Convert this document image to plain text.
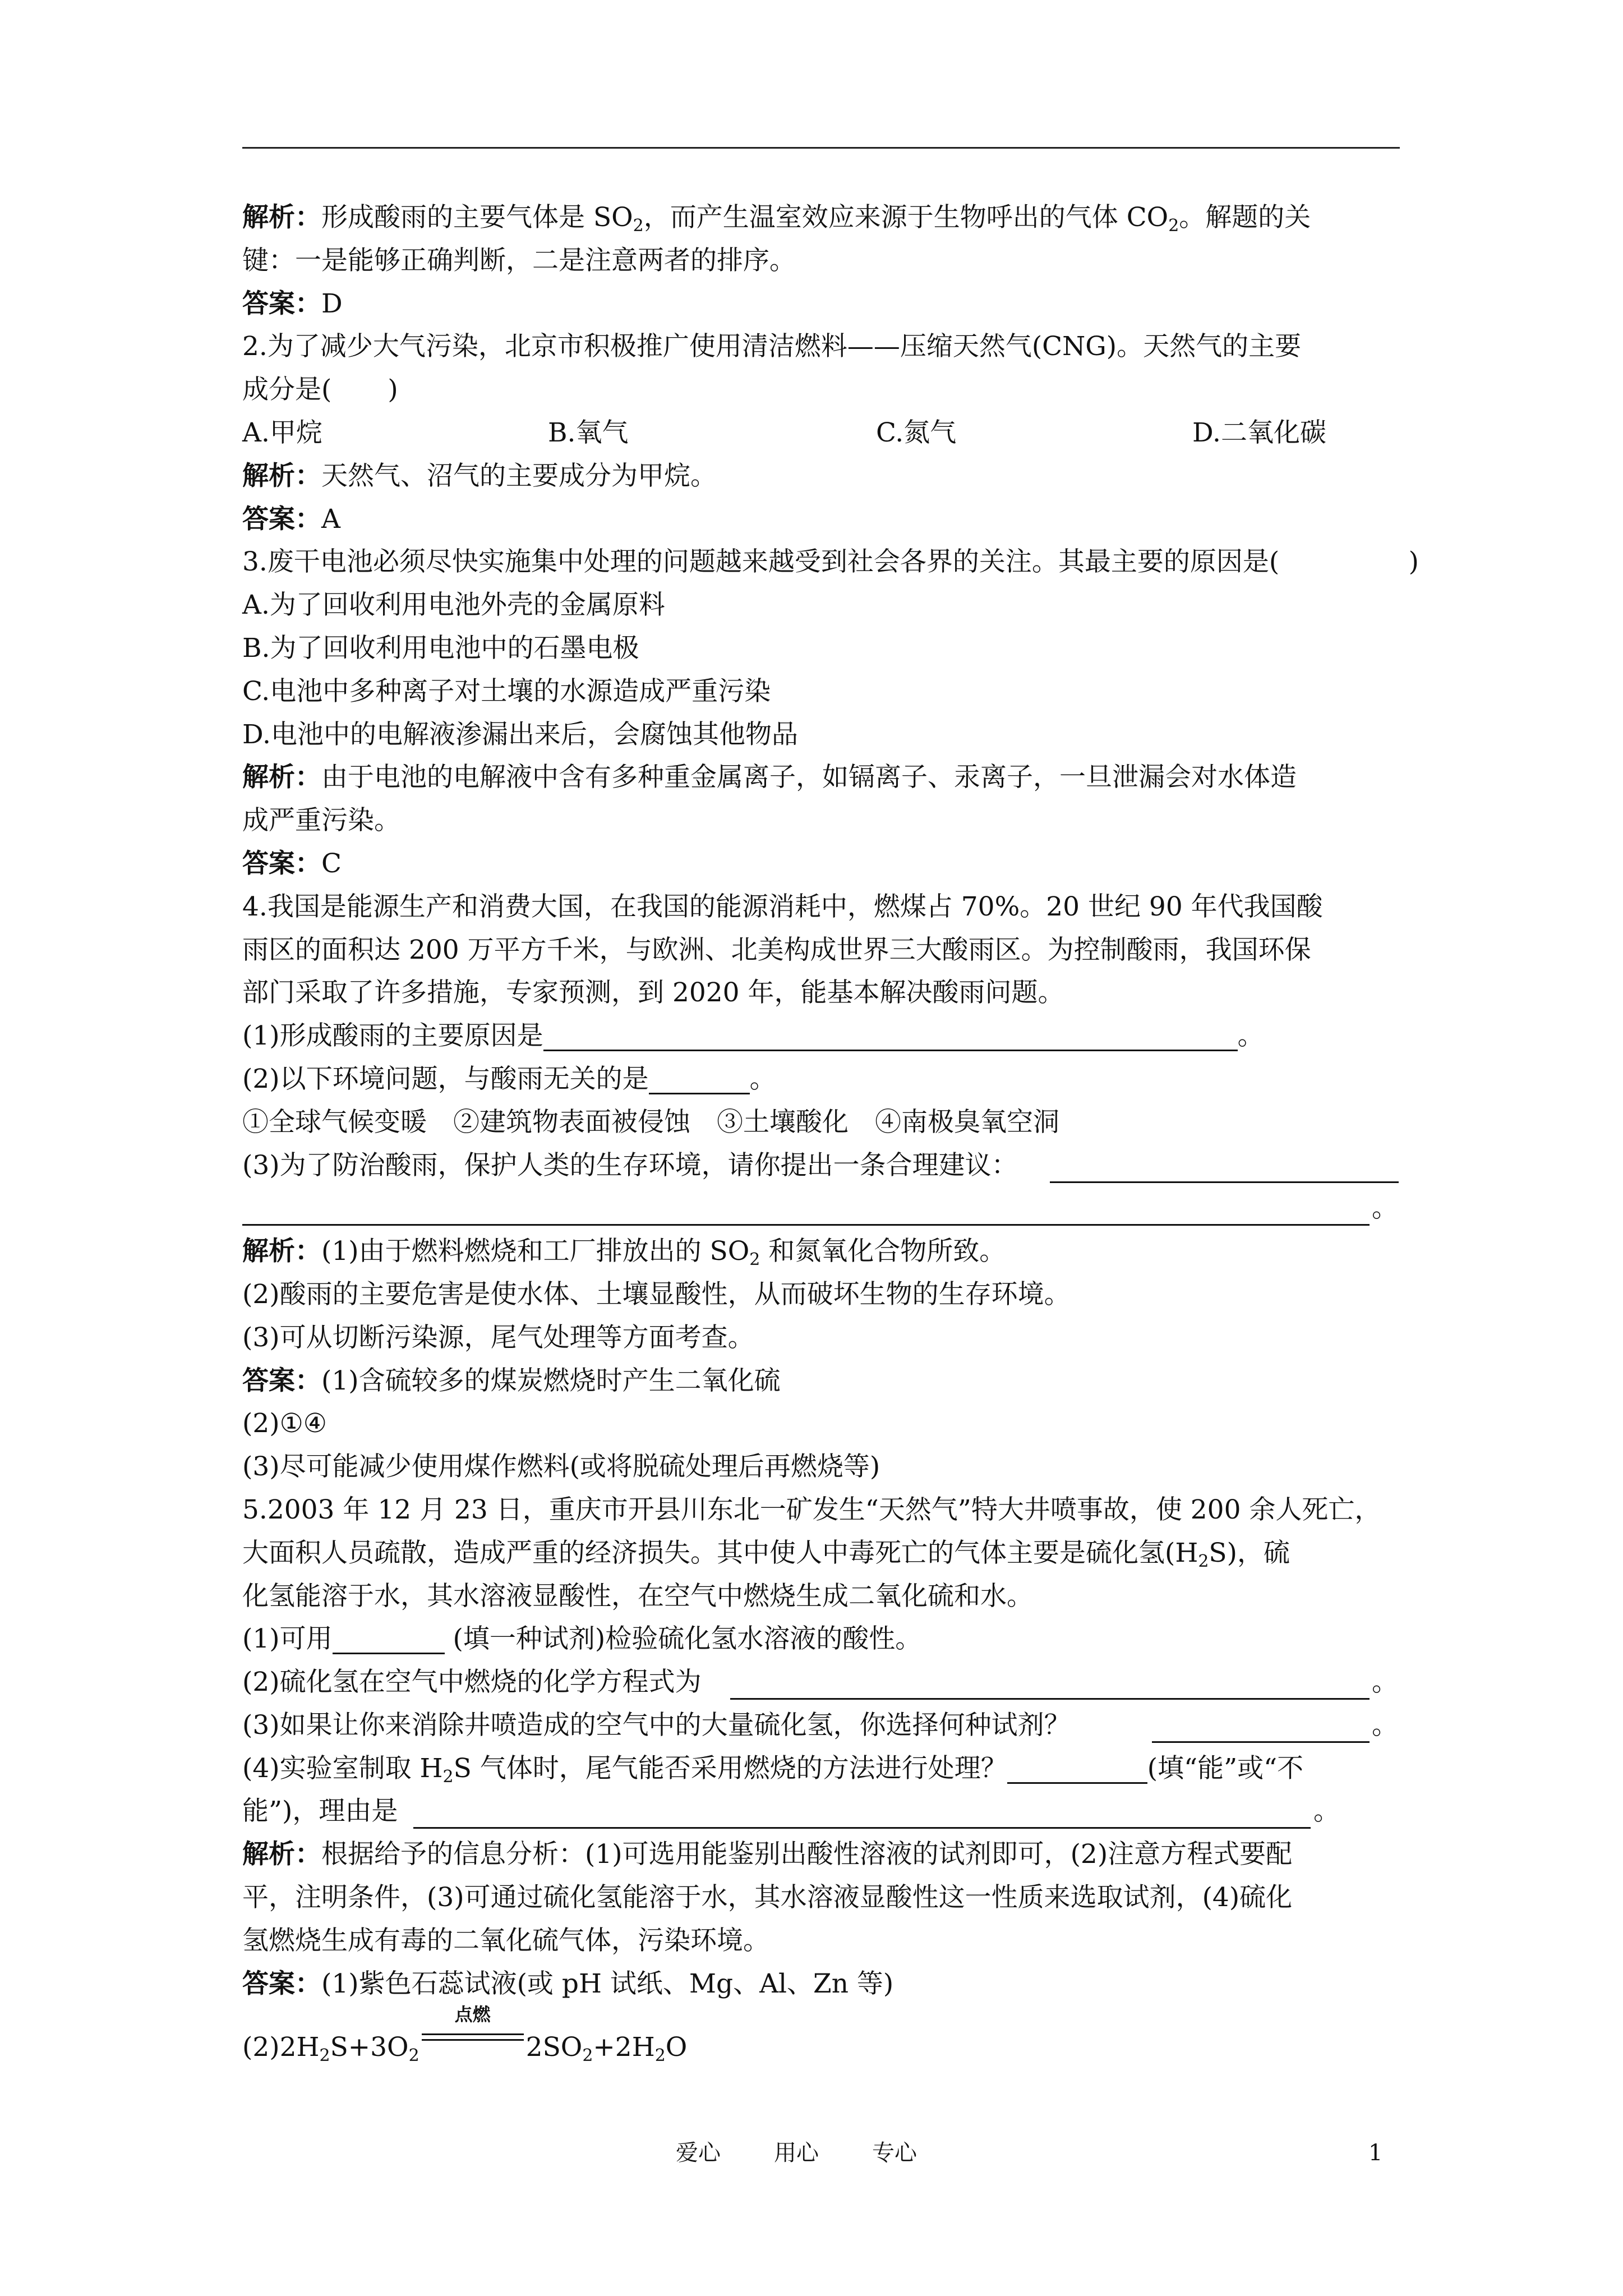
解析：形成酸雨的主要气体是 $SO_2$，而产生温室效应来源于生物呼出的气体 $CO_2$。解题的关
键：一是能够正确判断，二是注意两者的排序。
答案：D
2.为了减少大气污染，北京市积极推广使用清洁燃料——压缩天然气(CNG)。天然气的主要
成分是( )
A.甲烷	B.氧气	C.氮气	D.二氧化碳
解析：天然气、沼气的主要成分为甲烷。
答案：A
3.废干电池必须尽快实施集中处理的问题越来越受到社会各界的关注。其最主要的原因是(	)
A.为了回收利用电池外壳的金属原料
B.为了回收利用电池中的石墨电极
C.电池中多种离子对土壤的水源造成严重污染
D.电池中的电解液渗漏出来后，会腐蚀其他物品
解析：由于电池的电解液中含有多种重金属离子，如镉离子、汞离子，一旦泄漏会对水体造
成严重污染。
答案：C
4.我国是能源生产和消费大国，在我国的能源消耗中，燃煤占 70%。20 世纪 90 年代我国酸
雨区的面积达 200 万平方千米，与欧洲、北美构成世界三大酸雨区。为控制酸雨，我国环保
部门采取了许多措施，专家预测，到 2020 年，能基本解决酸雨问题。
(1)形成酸雨的主要原因是	。
(2)以下环境问题，与酸雨无关的是	。
①全球气候变暖　②建筑物表面被侵蚀　③土壤酸化　④南极臭氧空洞
(3)为了防治酸雨，保护人类的生存环境，请你提出一条合理建议：
。
解析：(1)由于燃料燃烧和工厂排放出的 $SO_2$ 和氮氧化合物所致。
(2)酸雨的主要危害是使水体、土壤显酸性，从而破坏生物的生存环境。
(3)可从切断污染源，尾气处理等方面考查。
答案：(1)含硫较多的煤炭燃烧时产生二氧化硫
(2)①④
(3)尽可能减少使用煤作燃料(或将脱硫处理后再燃烧等)
5.2003 年 12 月 23 日，重庆市开县川东北一矿发生“天然气”特大井喷事故，使 200 余人死亡，
大面积人员疏散，造成严重的经济损失。其中使人中毒死亡的气体主要是硫化氢$(H_2S)$，硫
化氢能溶于水，其水溶液显酸性，在空气中燃烧生成二氧化硫和水。
(1)可用	(填一种试剂)检验硫化氢水溶液的酸性。
(2)硫化氢在空气中燃烧的化学方程式为	。
(3)如果让你来消除井喷造成的空气中的大量硫化氢，你选择何种试剂？	。
(4)实验室制取 $H_2S$ 气体时，尾气能否采用燃烧的方法进行处理？	(填“能”或“不
能”)，理由是	。
解析：根据给予的信息分析：(1)可选用能鉴别出酸性溶液的试剂即可，(2)注意方程式要配
平，注明条件，(3)可通过硫化氢能溶于水，其水溶液显酸性这一性质来选取试剂，(4)硫化
氢燃烧生成有毒的二氧化硫气体，污染环境。
答案：(1)紫色石蕊试液(或 pH 试纸、Mg、Al、Zn 等)
$(2)2H_2S+3O_2$
点燃
$2SO_2+2H_2O$
爱心 用心 专心	1
